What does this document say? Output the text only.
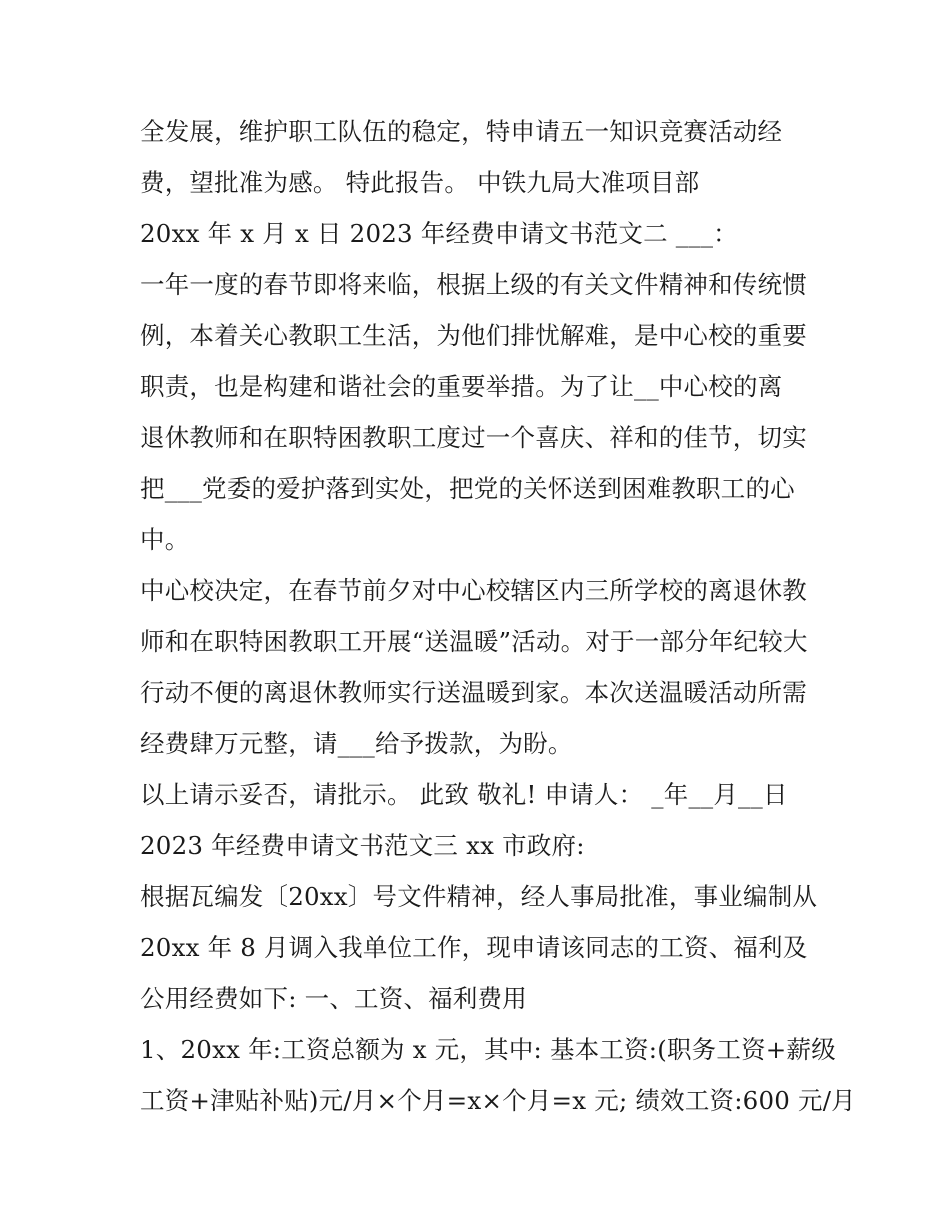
全发展，维护职工队伍的稳定，特申请五一知识竞赛活动经
费，望批准为感。 特此报告。 中铁九局大准项目部
20xx 年 x 月 x 日 2023 年经费申请文书范文二 ___：
一年一度的春节即将来临，根据上级的有关文件精神和传统惯
例，本着关心教职工生活，为他们排忧解难，是中心校的重要
职责，也是构建和谐社会的重要举措。为了让__中心校的离
退休教师和在职特困教职工度过一个喜庆、祥和的佳节，切实
把___党委的爱护落到实处，把党的关怀送到困难教职工的心
中。
中心校决定，在春节前夕对中心校辖区内三所学校的离退休教
师和在职特困教职工开展“送温暖”活动。对于一部分年纪较大
行动不便的离退休教师实行送温暖到家。本次送温暖活动所需
经费肆万元整，请___给予拨款，为盼。
以上请示妥否，请批示。 此致 敬礼! 申请人： _年__月__日
2023 年经费申请文书范文三 xx 市政府:
根据瓦编发〔20xx〕号文件精神，经人事局批准，事业编制从
20xx 年 8 月调入我单位工作，现申请该同志的工资、福利及
公用经费如下: 一、工资、福利费用
1、20xx 年:工资总额为 x 元，其中: 基本工资:(职务工资+薪级
工资+津贴补贴)元/月×个月=x×个月=x 元; 绩效工资:600 元/月
